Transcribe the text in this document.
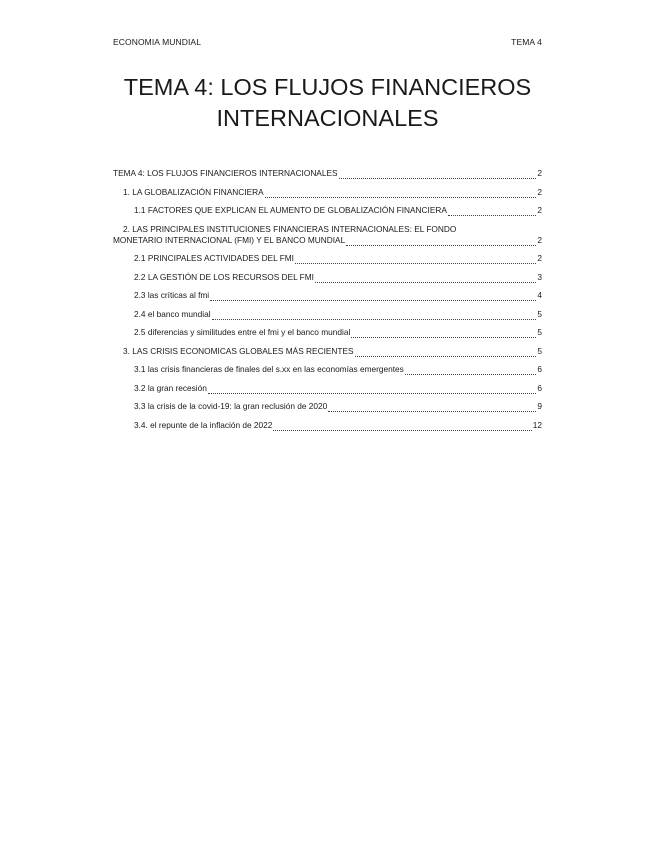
ECONOMIA MUNDIAL	TEMA 4
TEMA 4: LOS FLUJOS FINANCIEROS
INTERNACIONALES
TEMA 4: LOS FLUJOS FINANCIEROS INTERNACIONALES	2
1. LA GLOBALIZACIÓN FINANCIERA	2
1.1 FACTORES QUE EXPLICAN EL AUMENTO DE GLOBALIZACIÓN FINANCIERA	2
2. LAS PRINCIPALES INSTITUCIONES FINANCIERAS INTERNACIONALES: EL FONDO
MONETARIO INTERNACIONAL (FMI) Y EL BANCO MUNDIAL	2
2.1 PRINCIPALES ACTIVIDADES DEL FMI	2
2.2 LA GESTIÓN DE LOS RECURSOS DEL FMI	3
2.3 las críticas al fmi	4
2.4 el banco mundial	5
2.5 diferencias y similitudes entre el fmi y el banco mundial	5
3. LAS CRISIS ECONOMICAS GLOBALES MÁS RECIENTES	5
3.1 las crisis financieras de finales del s.xx en las economías emergentes	6
3.2 la gran recesión	6
3.3 la crisis de la covid-19: la gran reclusión de 2020	9
3.4. el repunte de la inflación de 2022	12
